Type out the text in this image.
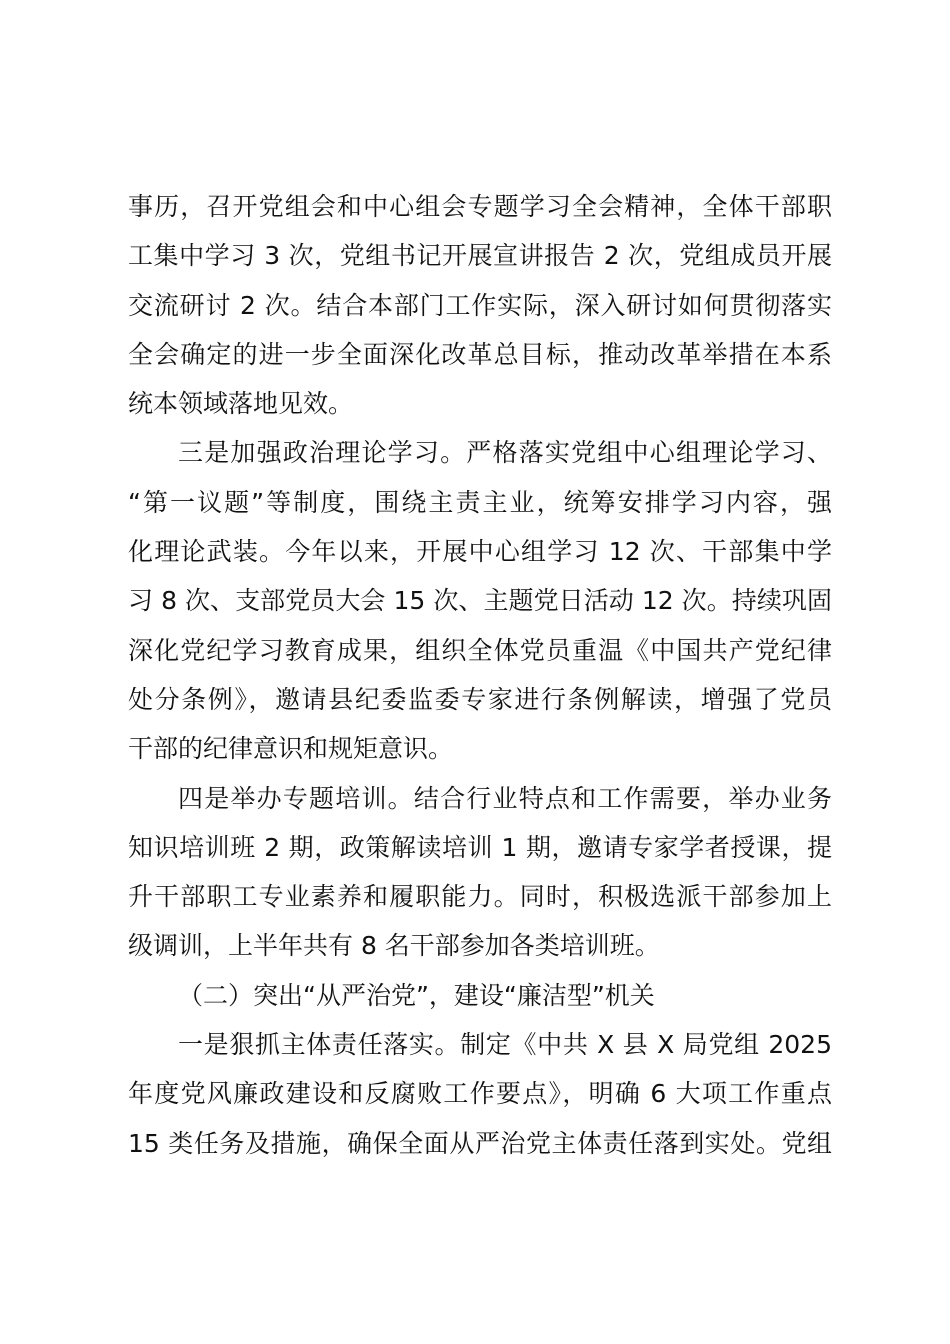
事历，召开党组会和中心组会专题学习全会精神，全体干部职
工集中学习 3 次，党组书记开展宣讲报告 2 次，党组成员开展
交流研讨 2 次。结合本部门工作实际，深入研讨如何贯彻落实
全会确定的进一步全面深化改革总目标，推动改革举措在本系
统本领域落地见效。
三是加强政治理论学习。严格落实党组中心组理论学习、
“第一议题”等制度，围绕主责主业，统筹安排学习内容，强
化理论武装。今年以来，开展中心组学习 12 次、干部集中学
习 8 次、支部党员大会 15 次、主题党日活动 12 次。持续巩固
深化党纪学习教育成果，组织全体党员重温《中国共产党纪律
处分条例》，邀请县纪委监委专家进行条例解读，增强了党员
干部的纪律意识和规矩意识。
四是举办专题培训。结合行业特点和工作需要，举办业务
知识培训班 2 期，政策解读培训 1 期，邀请专家学者授课，提
升干部职工专业素养和履职能力。同时，积极选派干部参加上
级调训，上半年共有 8 名干部参加各类培训班。
（二）突出“从严治党”，建设“廉洁型”机关
一是狠抓主体责任落实。制定《中共 X 县 X 局党组 2025
年度党风廉政建设和反腐败工作要点》，明确 6 大项工作重点
15 类任务及措施，确保全面从严治党主体责任落到实处。党组
